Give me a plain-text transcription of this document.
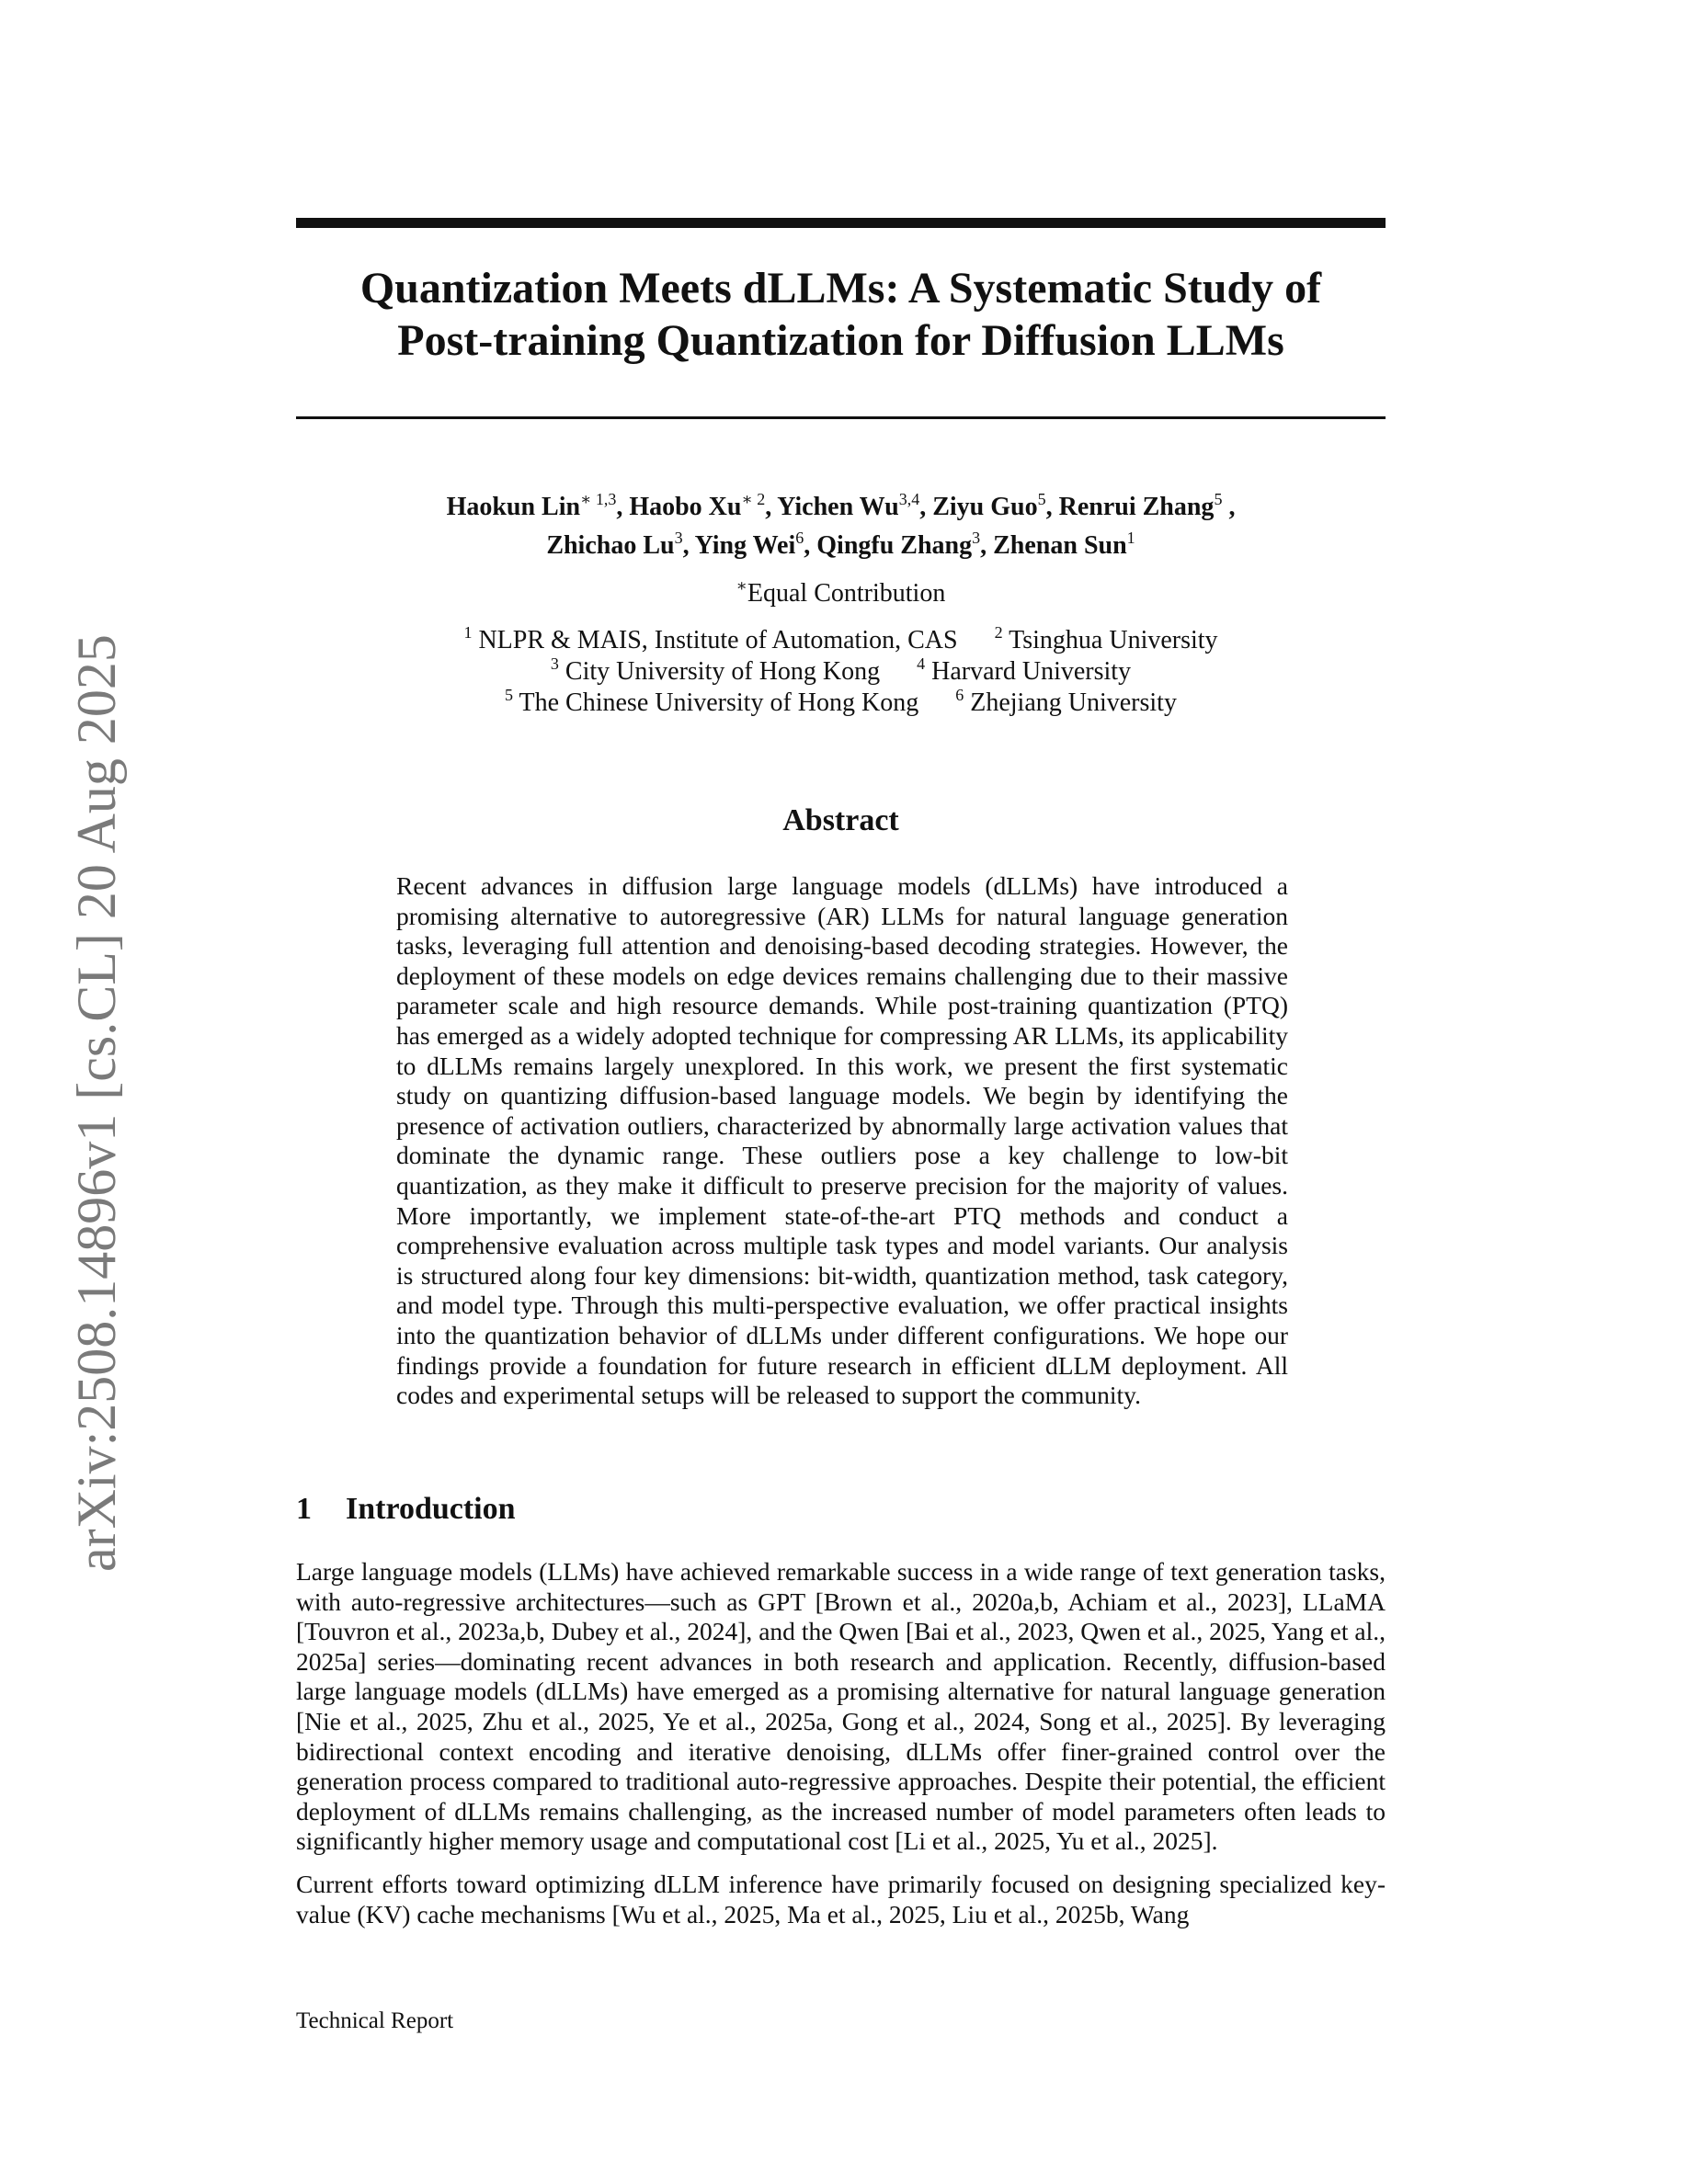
arXiv:2508.14896v1 [cs.CL] 20 Aug 2025
Quantization Meets dLLMs: A Systematic Study of
Post-training Quantization for Diffusion LLMs
Haokun Lin$^{∗ 1,3}$, Haobo $Xu^{∗ 2}$, Yichen Wu$^{3,4}$, Ziyu Guo$^5$, Renrui Zhang$^5$ ,
Zhichao Lu$^3$, Ying Wei$^6$, Qingfu Zhang$^3$, Zhenan Sun$^1$
∗Equal Contribution
$^1$ NLPR & MAIS, Institute of Automation, CAS $^2$ Tsinghua University
$^3$ City University of Hong Kong $^4$ Harvard University
$^5$ The Chinese University of Hong Kong $^6$ Zhejiang University
Abstract
Recent advances in diffusion large language models (dLLMs) have introduced a promising alternative to autoregressive (AR) LLMs for natural language generation tasks, leveraging full attention and denoising-based decoding strategies. However, the deployment of these models on edge devices remains challenging due to their massive parameter scale and high resource demands. While post-training quantization (PTQ) has emerged as a widely adopted technique for compressing AR LLMs, its applicability to dLLMs remains largely unexplored. In this work, we present the first systematic study on quantizing diffusion-based language models. We begin by identifying the presence of activation outliers, characterized by abnormally large activation values that dominate the dynamic range. These outliers pose a key challenge to low-bit quantization, as they make it difficult to preserve precision for the majority of values. More importantly, we implement state-of-the-art PTQ methods and conduct a comprehensive evaluation across multiple task types and model variants. Our analysis is structured along four key dimensions: bit-width, quantization method, task category, and model type. Through this multi-perspective evaluation, we offer practical insights into the quantization behavior of dLLMs under different configurations. We hope our findings provide a foundation for future research in efficient dLLM deployment. All codes and experimental setups will be released to support the community.
1 Introduction

Large language models (LLMs) have achieved remarkable success in a wide range of text generation tasks, with auto-regressive architectures—such as GPT [Brown et al., 2020a,b, Achiam et al., 2023], LLaMA [Touvron et al., 2023a,b, Dubey et al., 2024], and the Qwen [Bai et al., 2023, Qwen et al., 2025, Yang et al., 2025a] series—dominating recent advances in both research and application. Recently, diffusion-based large language models (dLLMs) have emerged as a promising alternative for natural language generation [Nie et al., 2025, Zhu et al., 2025, Ye et al., 2025a, Gong et al., 2024, Song et al., 2025]. By leveraging bidirectional context encoding and iterative denoising, dLLMs offer finer-grained control over the generation process compared to traditional auto-regressive approaches. Despite their potential, the efficient deployment of dLLMs remains challenging, as the increased number of model parameters often leads to significantly higher memory usage and computational cost [Li et al., 2025, Yu et al., 2025].

Current efforts toward optimizing dLLM inference have primarily focused on designing specialized key-value (KV) cache mechanisms [Wu et al., 2025, Ma et al., 2025, Liu et al., 2025b, Wang

Technical Report
